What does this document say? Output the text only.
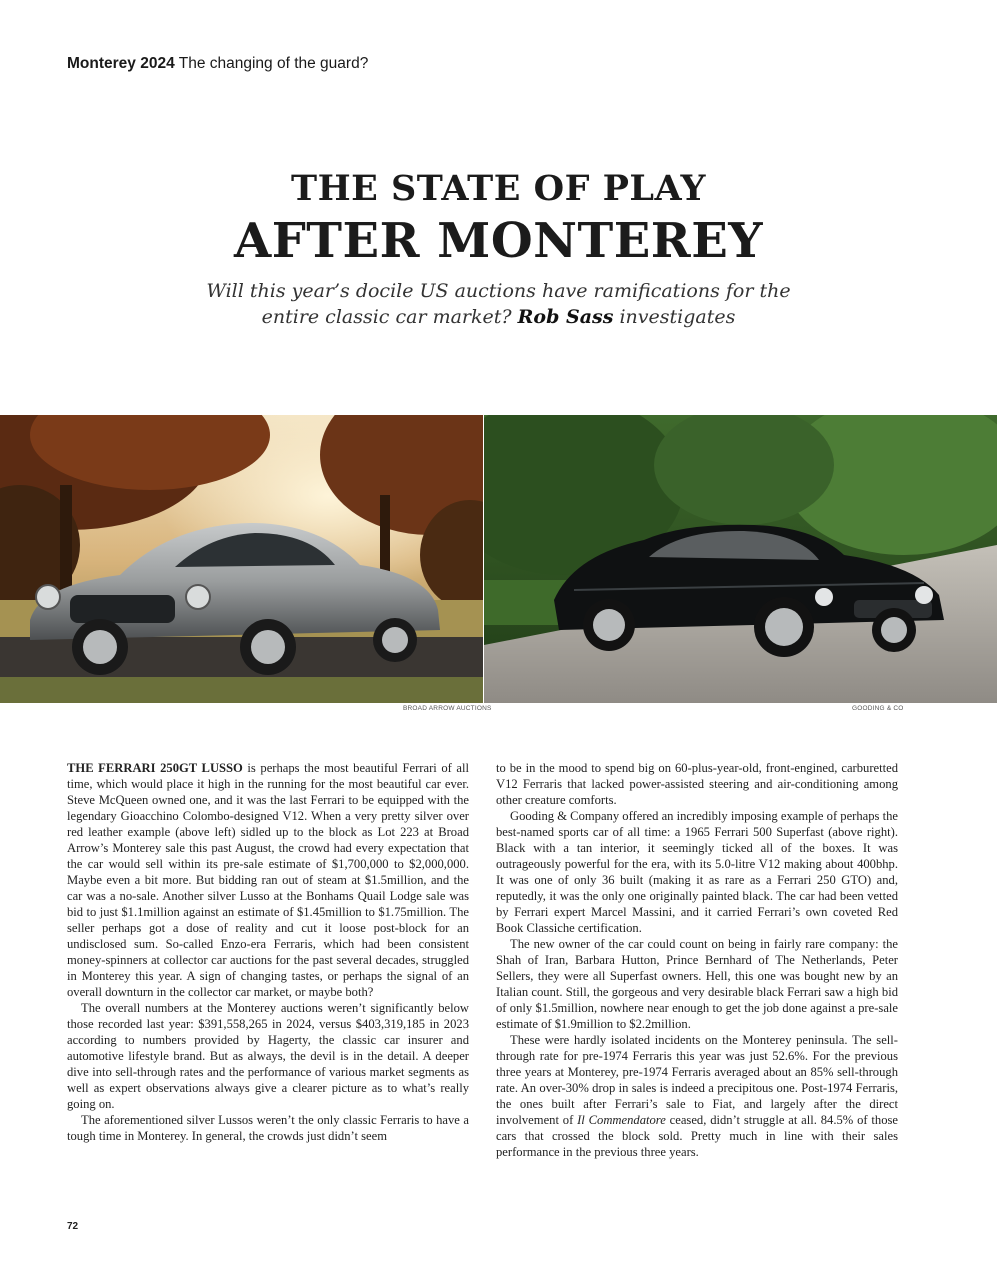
Monterey 2024 The changing of the guard?
THE STATE OF PLAY
AFTER MONTEREY
Will this year’s docile US auctions have ramifications for the
entire classic car market? Rob Sass investigates
BROAD ARROW AUCTIONS	GOODING & CO

THE FERRARI 250GT LUSSO is perhaps the most beautiful Ferrari of all time, which would place it high in the running for the most beautiful car ever. Steve McQueen owned one, and it was the last Ferrari to be equipped with the legendary Gioacchino Colombo-designed V12. When a very pretty silver over red leather example (above left) sidled up to the block as Lot 223 at Broad Arrow’s Monterey sale this past August, the crowd had every expectation that the car would sell within its pre-sale estimate of $1,700,000 to $2,000,000. Maybe even a bit more. But bidding ran out of steam at $1.5million, and the car was a no-sale. Another silver Lusso at the Bonhams Quail Lodge sale was bid to just $1.1million against an estimate of $1.45million to $1.75million. The seller perhaps got a dose of reality and cut it loose post-block for an undisclosed sum. So-called Enzo-era Ferraris, which had been consistent money-spinners at collector car auctions for the past several decades, struggled in Monterey this year. A sign of changing tastes, or perhaps the signal of an overall downturn in the collector car market, or maybe both?

The overall numbers at the Monterey auctions weren’t significantly below those recorded last year: $391,558,265 in 2024, versus $403,319,185 in 2023 according to numbers provided by Hagerty, the classic car insurer and automotive lifestyle brand. But as always, the devil is in the detail. A deeper dive into sell-through rates and the performance of various market segments as well as expert observations always give a clearer picture as to what’s really going on.

The aforementioned silver Lussos weren’t the only classic Ferraris to have a tough time in Monterey. In general, the crowds just didn’t seem

to be in the mood to spend big on 60-plus-year-old, front-engined, carburetted V12 Ferraris that lacked power-assisted steering and air-conditioning among other creature comforts.

Gooding & Company offered an incredibly imposing example of perhaps the best-named sports car of all time: a 1965 Ferrari 500 Superfast (above right). Black with a tan interior, it seemingly ticked all of the boxes. It was outrageously powerful for the era, with its 5.0-litre V12 making about 400bhp. It was one of only 36 built (making it as rare as a Ferrari 250 GTO) and, reputedly, it was the only one originally painted black. The car had been vetted by Ferrari expert Marcel Massini, and it carried Ferrari’s own coveted Red Book Classiche certification.

The new owner of the car could count on being in fairly rare company: the Shah of Iran, Barbara Hutton, Prince Bernhard of The Netherlands, Peter Sellers, they were all Superfast owners. Hell, this one was bought new by an Italian count. Still, the gorgeous and very desirable black Ferrari saw a high bid of only $1.5million, nowhere near enough to get the job done against a pre-sale estimate of $1.9million to $2.2million.

These were hardly isolated incidents on the Monterey peninsula. The sell-through rate for pre-1974 Ferraris this year was just 52.6%. For the previous three years at Monterey, pre-1974 Ferraris averaged about an 85% sell-through rate. An over-30% drop in sales is indeed a precipitous one. Post-1974 Ferraris, the ones built after Ferrari’s sale to Fiat, and largely after the direct involvement of Il Commendatore ceased, didn’t struggle at all. 84.5% of those cars that crossed the block sold. Pretty much in line with their sales performance in the previous three years.

72
